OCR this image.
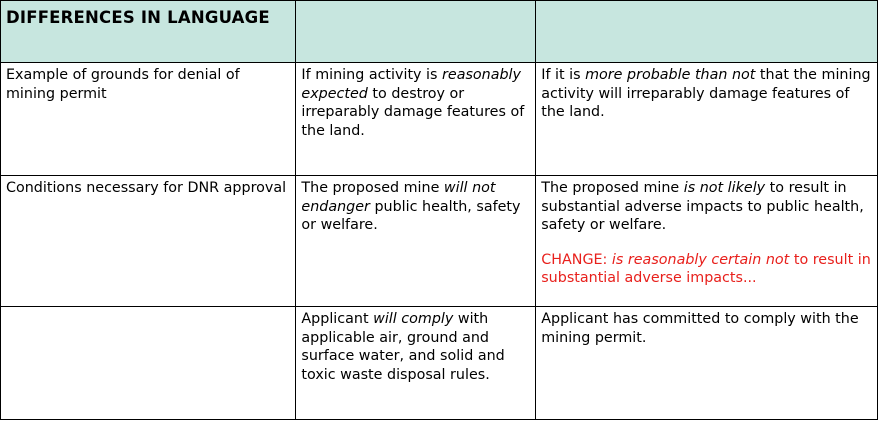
DIFFERENCES IN LANGUAGE		

Example of grounds for denial of mining permit	If mining activity is reasonably expected to destroy or irreparably damage features of the land.	If it is more probable than not that the mining activity will irreparably damage features of the land.

Conditions necessary for DNR approval	The proposed mine will not endanger public health, safety or welfare.	The proposed mine is not likely to result in substantial adverse impacts to public health, safety or welfare.
CHANGE: is reasonably certain not to result in substantial adverse impacts...

	Applicant will comply with applicable air, ground and surface water, and solid and toxic waste disposal rules.	Applicant has committed to comply with the mining permit.
